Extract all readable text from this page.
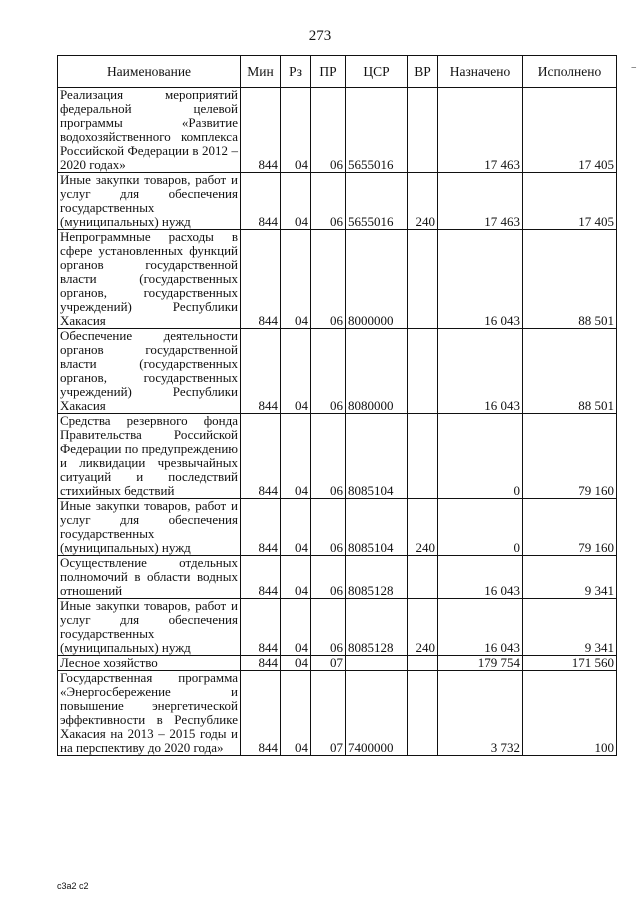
273
–
Наименование	Мин	Рз	ПР	ЦСР	ВР	Назначено	Исполнено
Реализация мероприятий федеральной целевой программы «Развитие водохозяйственного комплекса Российской Федерации в 2012 – 2020 годах»	844	04	06	5655016		17 463	17 405
Иные закупки товаров, работ и услуг для обеспечения государственных (муниципальных) нужд	844	04	06	5655016	240	17 463	17 405
Непрограммные расходы в сфере установленных функций органов государственной власти (государственных органов, государственных учреждений) Республики Хакасия	844	04	06	8000000		16 043	88 501
Обеспечение деятельности органов государственной власти (государственных органов, государственных учреждений) Республики Хакасия	844	04	06	8080000		16 043	88 501
Средства резервного фонда Правительства Российской Федерации по предупреждению и ликвидации чрезвычайных ситуаций и последствий стихийных бедствий	844	04	06	8085104		0	79 160
Иные закупки товаров, работ и услуг для обеспечения государственных (муниципальных) нужд	844	04	06	8085104	240	0	79 160
Осуществление отдельных полномочий в области водных отношений	844	04	06	8085128		16 043	9 341
Иные закупки товаров, работ и услуг для обеспечения государственных (муниципальных) нужд	844	04	06	8085128	240	16 043	9 341
Лесное хозяйство	844	04	07			179 754	171 560
Государственная программа «Энергосбережение и повышение энергетической эффективности в Республике Хакасия на 2013 – 2015 годы и на перспективу до 2020 года»	844	04	07	7400000		3 732	100
с3а2 с2
